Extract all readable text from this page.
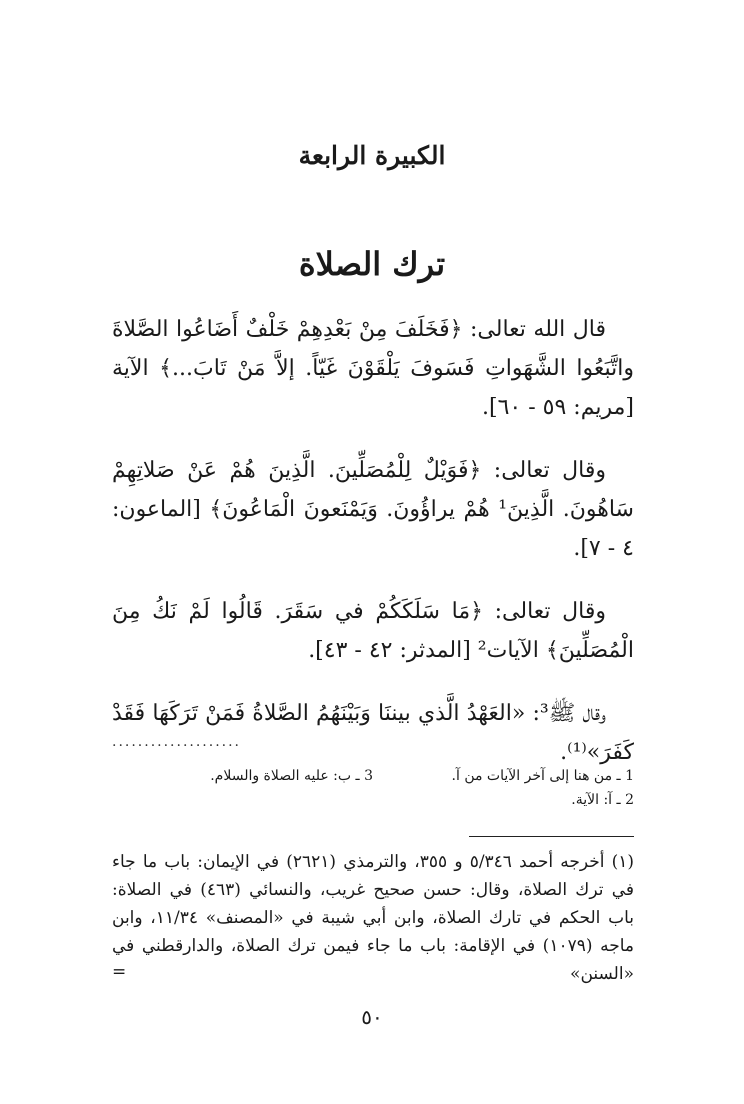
الكبيرة الرابعة
ترك الصلاة

قال الله تعالى: ﴿فَخَلَفَ مِنْ بَعْدِهِمْ خَلْفٌ أَضَاعُوا الصَّلاةَ واتَّبَعُوا الشَّهَواتِ فَسَوفَ يَلْقَوْنَ غَيّاً. إلاَّ مَنْ تَابَ...﴾ الآية [مريم: ٥٩ - ٦٠].

وقال تعالى: ﴿فَوَيْلٌ لِلْمُصَلِّينَ. الَّذِينَ هُمْ عَنْ صَلاتِهِمْ سَاهُونَ. الَّذِينَ¹ هُمْ يراؤُونَ. وَيَمْنَعونَ الْمَاعُونَ﴾ [الماعون: ٤ - ٧].

وقال تعالى: ﴿مَا سَلَكَكُمْ في سَقَرَ. قَالُوا لَمْ نَكُ مِنَ الْمُصَلِّينَ﴾ الآيات² [المدثر: ٤٢ - ٤٣].

وقال ﷺ³: «العَهْدُ الَّذي بيننَا وَبَيْنَهُمُ الصَّلاةُ فَمَنْ تَرَكَهَا فَقَدْ كَفَرَ»⁽¹⁾.

....................
1 ـ من هنا إلى آخر الآيات من آ.
3 ـ ب: عليه الصلاة والسلام.
2 ـ آ: الآية.
(١) أخرجه أحمد ٥/٣٤٦ و ٣٥٥، والترمذي (٢٦٢١) في الإيمان: باب ما جاء في ترك الصلاة، وقال: حسن صحيح غريب، والنسائي (٤٦٣) في الصلاة: باب الحكم في تارك الصلاة، وابن أبي شيبة في «المصنف» ١١/٣٤، وابن ماجه (١٠٧٩) في الإقامة: باب ما جاء فيمن ترك الصلاة، والدارقطني في «السنن»
=
٥٠
